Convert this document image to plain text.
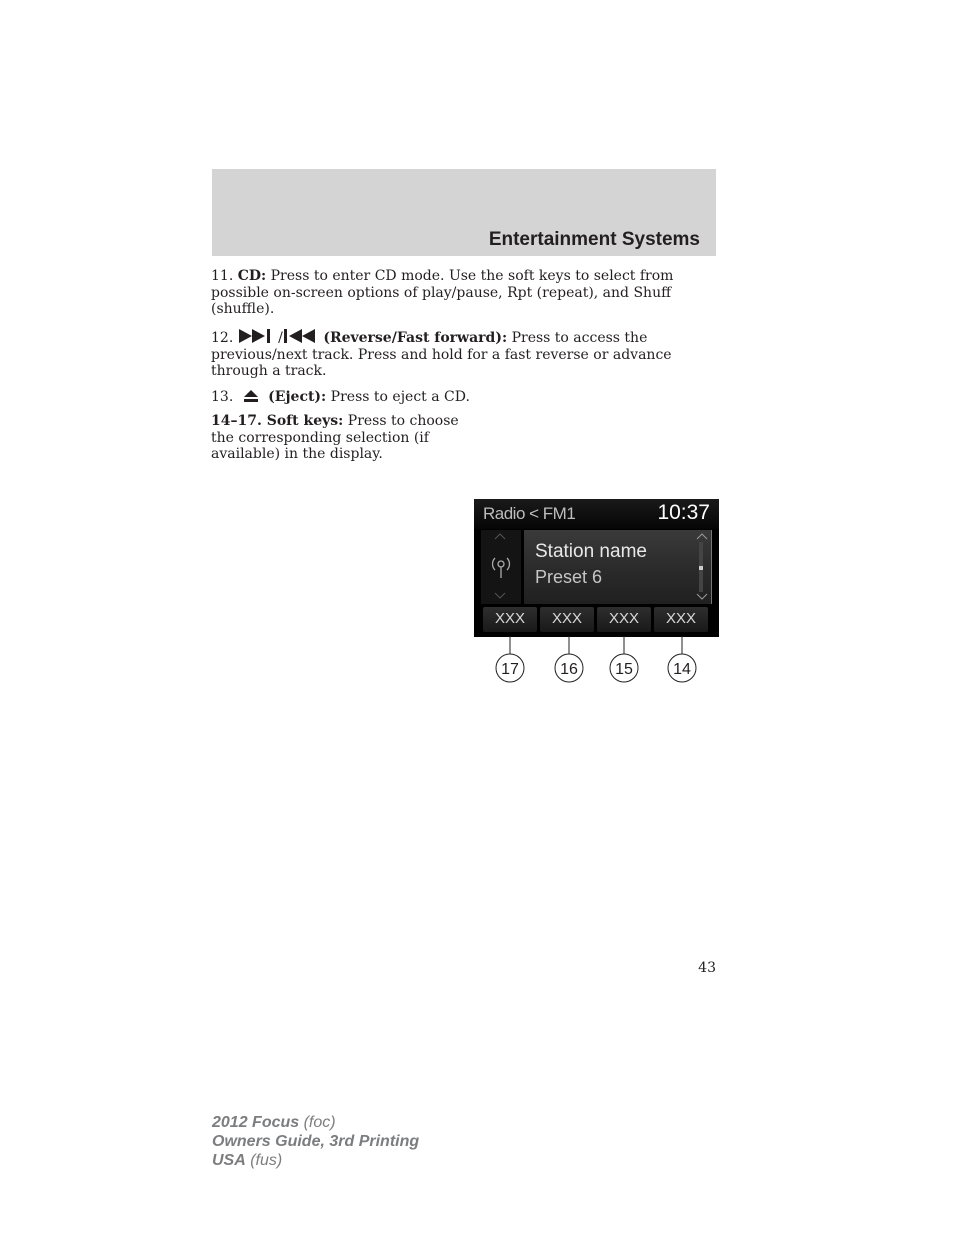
Entertainment Systems
11. CD: Press to enter CD mode. Use the soft keys to select from possible on-screen options of play/pause, Rpt (repeat), and Shuff (shuffle).
12.	/	(Reverse/Fast forward): Press to access the previous/next track. Press and hold for a fast reverse or advance through a track.
13. (Eject): Press to eject a CD.
14–17. Soft keys: Press to choose the corresponding selection (if available) in the display.
Radio < FM1	10:37
Station name
Preset 6
XXX	XXX	XXX	XXX
17	16 15	14
43
2012 Focus (foc)
Owners Guide, 3rd Printing
USA (fus)
